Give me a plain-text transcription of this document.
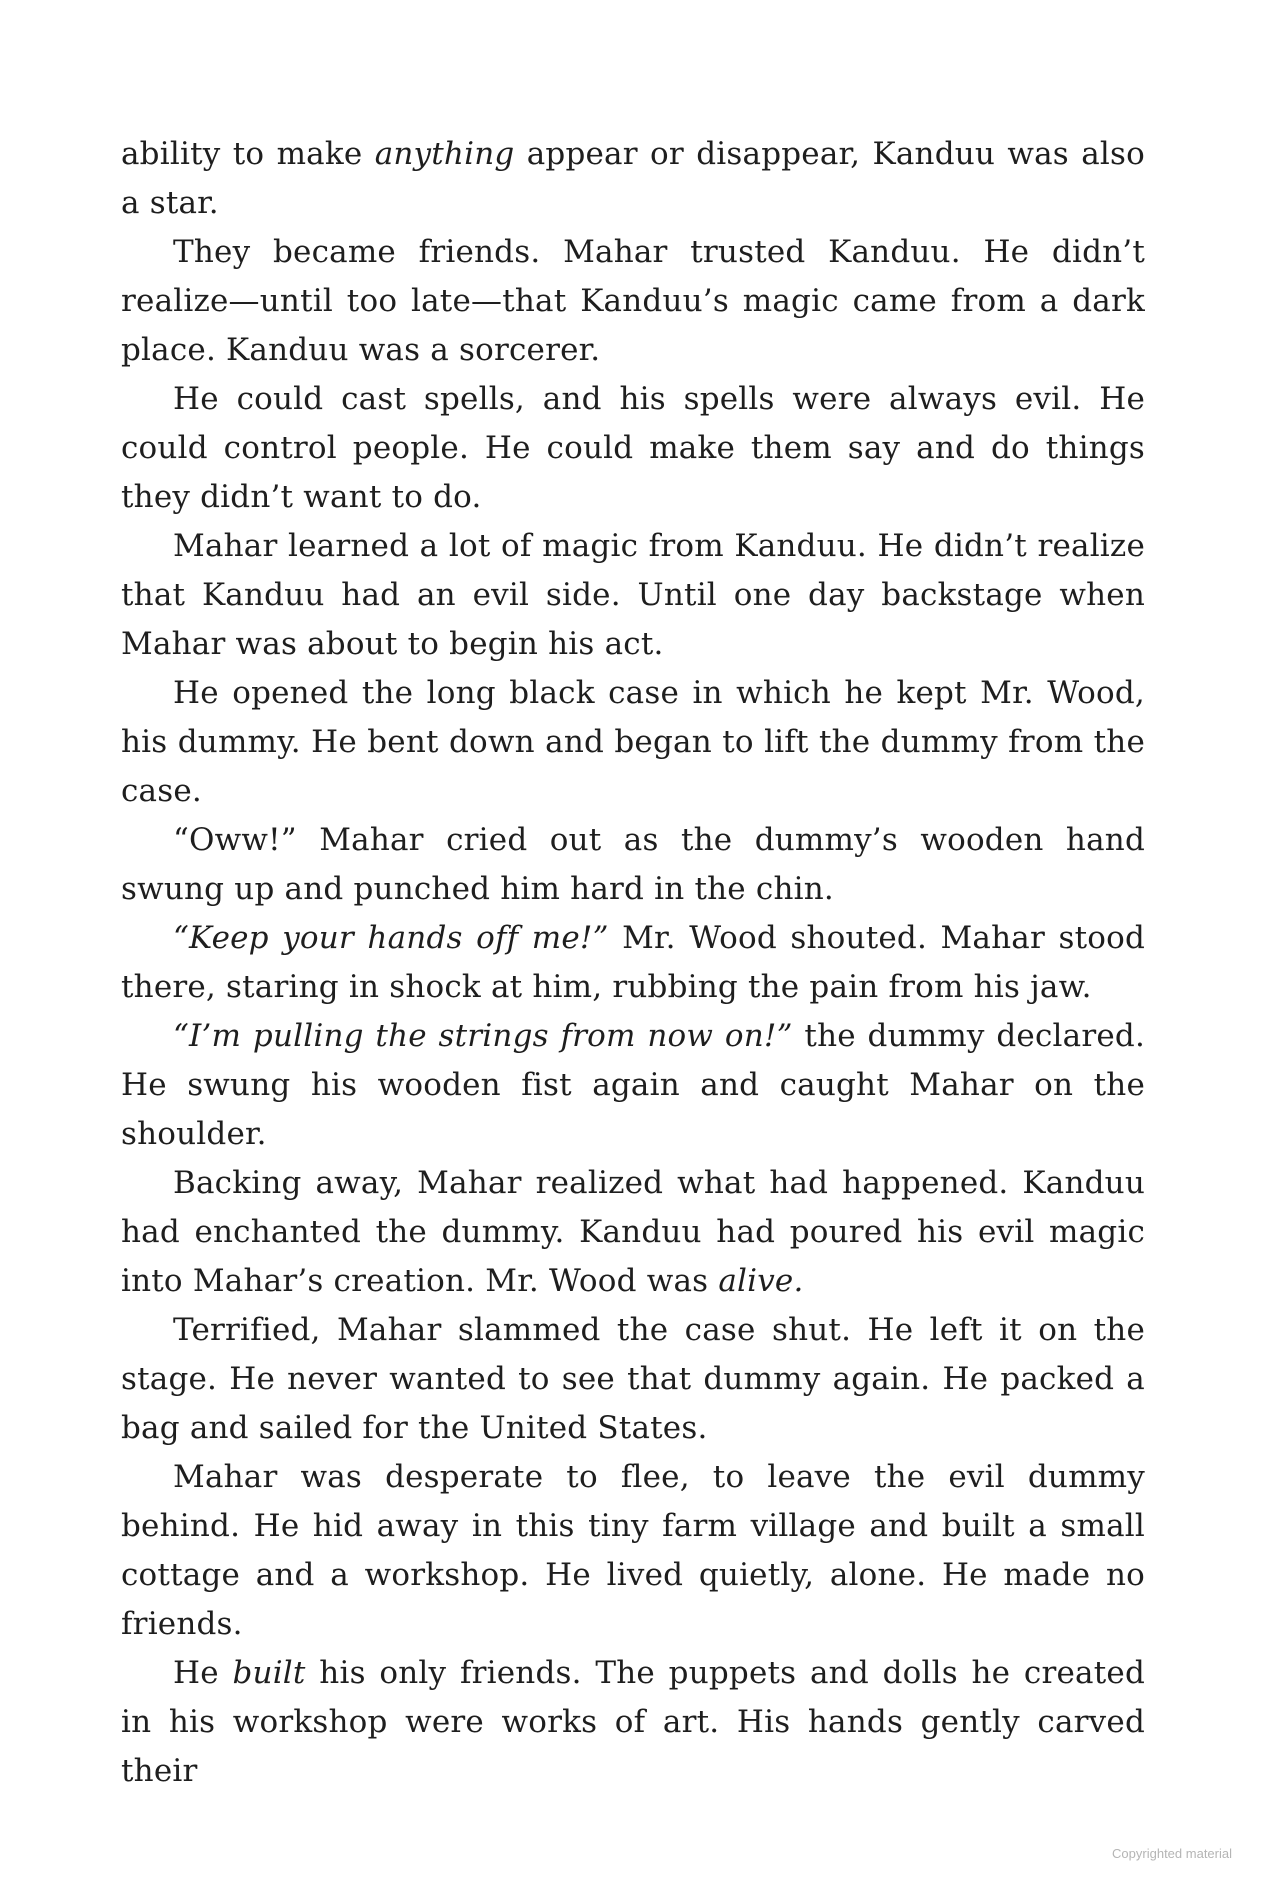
ability to make anything appear or disappear, Kanduu was also a star.

They became friends. Mahar trusted Kanduu. He didn’t realize—until too late—that Kanduu’s magic came from a dark place. Kanduu was a sorcerer.

He could cast spells, and his spells were always evil. He could control people. He could make them say and do things they didn’t want to do.

Mahar learned a lot of magic from Kanduu. He didn’t realize that Kanduu had an evil side. Until one day backstage when Mahar was about to begin his act.

He opened the long black case in which he kept Mr. Wood, his dummy. He bent down and began to lift the dummy from the case.

“Oww!” Mahar cried out as the dummy’s wooden hand swung up and punched him hard in the chin.

“Keep your hands off me!” Mr. Wood shouted. Mahar stood there, staring in shock at him, rubbing the pain from his jaw.

“I’m pulling the strings from now on!” the dummy declared. He swung his wooden fist again and caught Mahar on the shoulder.

Backing away, Mahar realized what had happened. Kanduu had enchanted the dummy. Kanduu had poured his evil magic into Mahar’s creation. Mr. Wood was alive.

Terrified, Mahar slammed the case shut. He left it on the stage. He never wanted to see that dummy again. He packed a bag and sailed for the United States.

Mahar was desperate to flee, to leave the evil dummy behind. He hid away in this tiny farm village and built a small cottage and a workshop. He lived quietly, alone. He made no friends.

He built his only friends. The puppets and dolls he created in his workshop were works of art. His hands gently carved their

Copyrighted material
